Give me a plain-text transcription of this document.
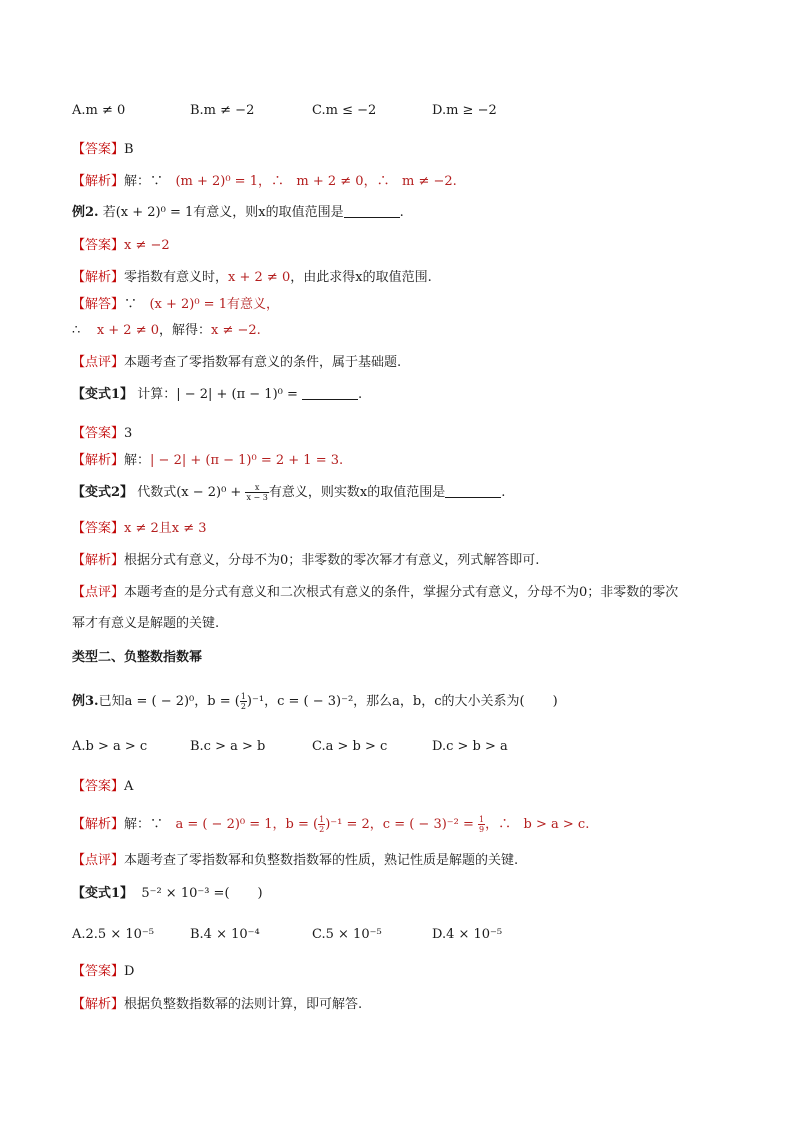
A.m ≠ 0	B.m ≠ −2	C.m ≤ −2	D.m ≥ −2
【答案】B
【解析】解：∵ (m + 2)⁰ = 1，∴ m + 2 ≠ 0，∴ m ≠ −2.
例2. 若(x + 2)⁰ = 1有意义，则x的取值范围是	.
【答案】x ≠ −2
【解析】零指数有意义时，x + 2 ≠ 0，由此求得x的取值范围.
【解答】∵ (x + 2)⁰ = 1有意义，
∴ x + 2 ≠ 0，解得：x ≠ −2.
【点评】本题考查了零指数幂有意义的条件，属于基础题.
【变式1】 计算：| − 2| + (π − 1)⁰ =	.
【答案】3
【解析】解：| − 2| + (π − 1)⁰ = 2 + 1 = 3.
【变式2】 代数式$(x - 2)^0 + \frac{x}{x - 3}$ 有意义，则实数x的取值范围是	.
【答案】x ≠ 2且x ≠ 3
【解析】根据分式有意义，分母不为0；非零数的零次幂才有意义，列式解答即可.
【点评】本题考查的是分式有意义和二次根式有意义的条件，掌握分式有意义，分母不为0；非零数的零次
幂才有意义是解题的关键.
类型二、负整数指数幂
例3.已知a = ( − 2)⁰，b = ( $\frac{1}{2} )^{-1}$，c = ( − 3)⁻²，那么a，b，c的大小关系为( )
A.b > a > c	B.c > a > b	C.a > b > c	D.c > b > a
【答案】A
【解析】解：∵ a = ( − 2)⁰ = 1，b = ( $\frac{1}{2} )^{-1} = 2$，c = ( − $3)^{-2} = \frac{1}{9}$ ，∴ b > a > c.
【点评】本题考查了零指数幂和负整数指数幂的性质，熟记性质是解题的关键.
【变式1】 5⁻² × 10⁻³ =( )
A.2.5 × 10⁻⁵	B.4 × 10⁻⁴	C.5 × 10⁻⁵	D.4 × 10⁻⁵
【答案】D
【解析】根据负整数指数幂的法则计算，即可解答.
